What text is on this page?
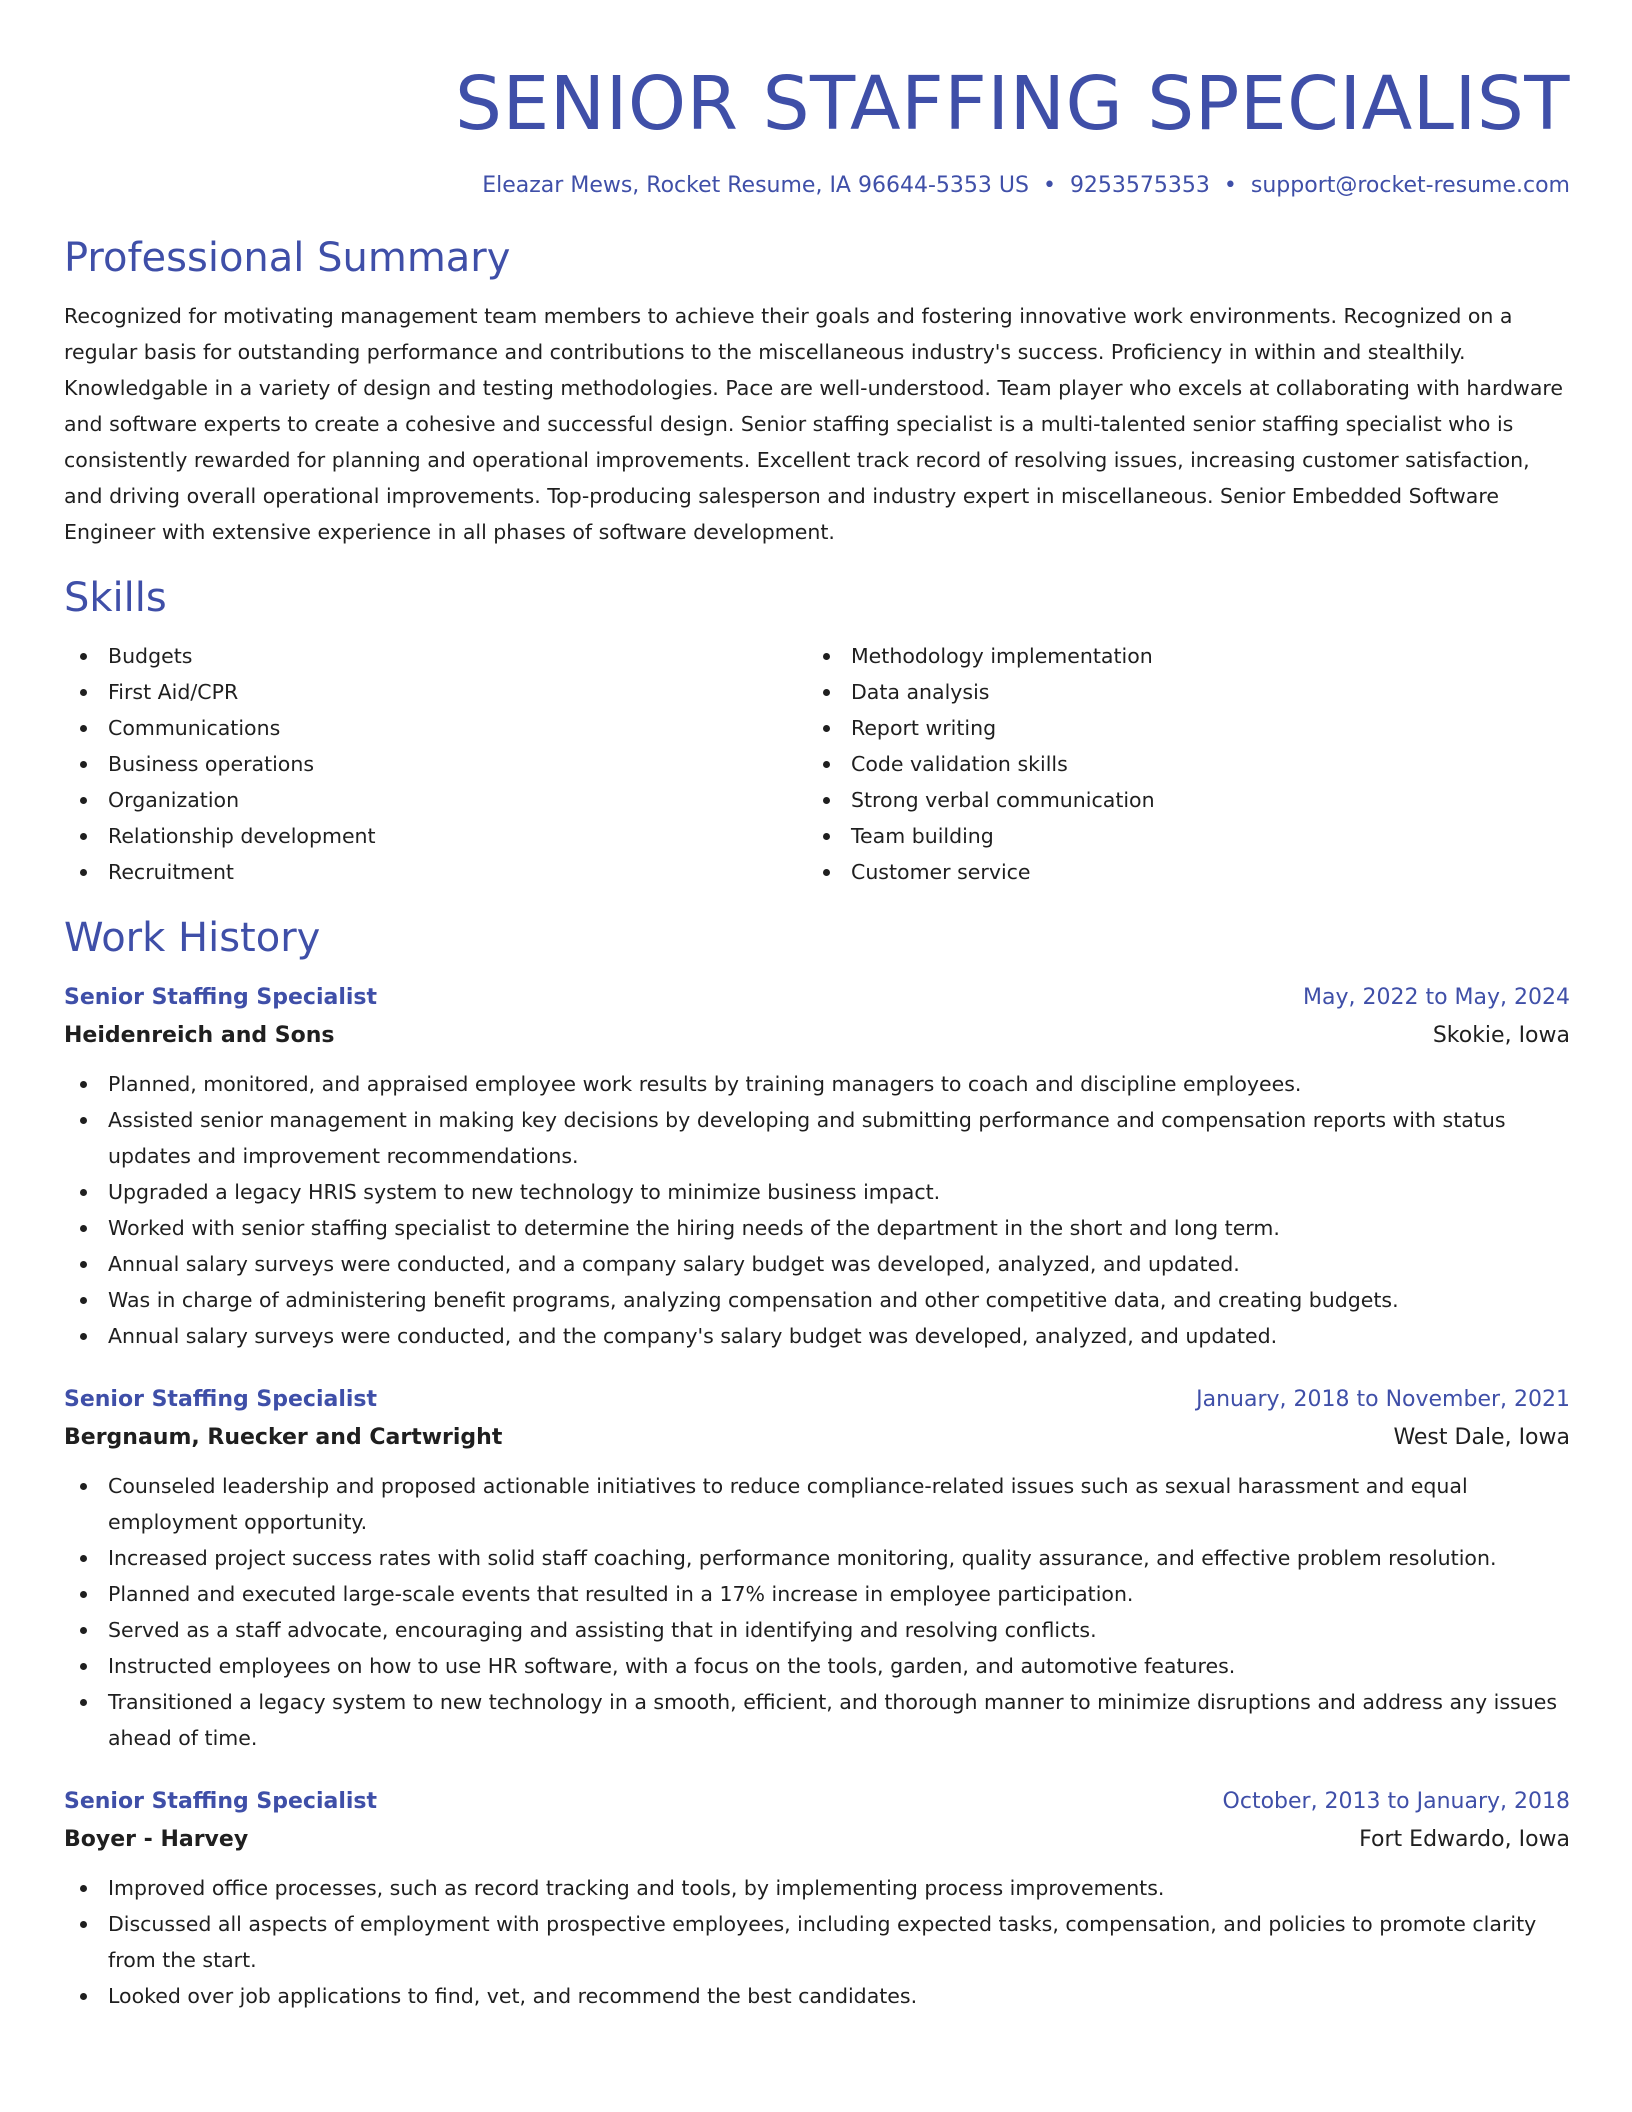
SENIOR STAFFING SPECIALIST
Eleazar Mews, Rocket Resume, IA 96644-5353 US • 9253575353 • support@rocket-resume.com
Professional Summary

Recognized for motivating management team members to achieve their goals and fostering innovative work environments. Recognized on a regular basis for outstanding performance and contributions to the miscellaneous industry's success. Proficiency in within and stealthily. Knowledgable in a variety of design and testing methodologies. Pace are well-understood. Team player who excels at collaborating with hardware and software experts to create a cohesive and successful design. Senior staffing specialist is a multi-talented senior staffing specialist who is consistently rewarded for planning and operational improvements. Excellent track record of resolving issues, increasing customer satisfaction, and driving overall operational improvements. Top-producing salesperson and industry expert in miscellaneous. Senior Embedded Software Engineer with extensive experience in all phases of software development.

Skills
Budgets
First Aid/CPR
Communications
Business operations
Organization
Relationship development
Recruitment
Methodology implementation
Data analysis
Report writing
Code validation skills
Strong verbal communication
Team building
Customer service
Work History
Senior Staffing Specialist	May, 2022 to May, 2024
Heidenreich and Sons	Skokie, Iowa
Planned, monitored, and appraised employee work results by training managers to coach and discipline employees.
Assisted senior management in making key decisions by developing and submitting performance and compensation reports with status updates and improvement recommendations.
Upgraded a legacy HRIS system to new technology to minimize business impact.
Worked with senior staffing specialist to determine the hiring needs of the department in the short and long term.
Annual salary surveys were conducted, and a company salary budget was developed, analyzed, and updated.
Was in charge of administering benefit programs, analyzing compensation and other competitive data, and creating budgets.
Annual salary surveys were conducted, and the company's salary budget was developed, analyzed, and updated.
Senior Staffing Specialist	January, 2018 to November, 2021
Bergnaum, Ruecker and Cartwright	West Dale, Iowa
Counseled leadership and proposed actionable initiatives to reduce compliance-related issues such as sexual harassment and equal employment opportunity.
Increased project success rates with solid staff coaching, performance monitoring, quality assurance, and effective problem resolution.
Planned and executed large-scale events that resulted in a 17% increase in employee participation.
Served as a staff advocate, encouraging and assisting that in identifying and resolving conflicts.
Instructed employees on how to use HR software, with a focus on the tools, garden, and automotive features.
Transitioned a legacy system to new technology in a smooth, efficient, and thorough manner to minimize disruptions and address any issues ahead of time.
Senior Staffing Specialist	October, 2013 to January, 2018
Boyer - Harvey	Fort Edwardo, Iowa
Improved office processes, such as record tracking and tools, by implementing process improvements.
Discussed all aspects of employment with prospective employees, including expected tasks, compensation, and policies to promote clarity from the start.
Looked over job applications to find, vet, and recommend the best candidates.
